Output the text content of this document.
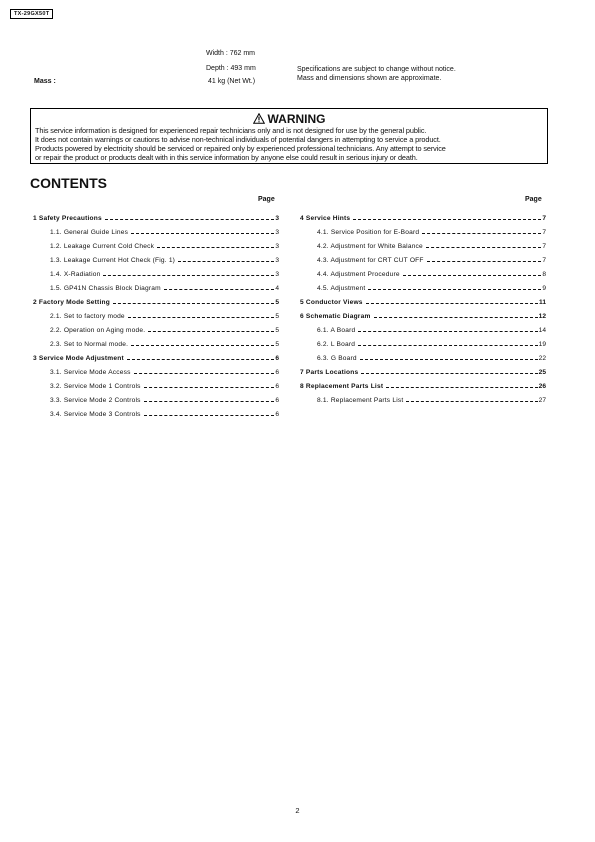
TX-29GX50T
Width : 762 mm
Depth : 493 mm
Mass :	41 kg (Net Wt.)
Specifications are subject to change without notice.
Mass and dimensions shown are approximate.
WARNING
This service information is designed for experienced repair technicians only and is not designed for use by the general public.
It does not contain warnings or cautions to advise non-technical individuals of potential dangers in attempting to service a product.
Products powered by electricity should be serviced or repaired only by experienced professional technicians. Any attempt to service
or repair the product or products dealt with in this service information by anyone else could result in serious injury or death.
CONTENTS
Page	Page
1 Safety Precautions	3
1.1. General Guide Lines	3
1.2. Leakage Current Cold Check	3
1.3. Leakage Current Hot Check (Fig. 1)	3
1.4. X-Radiation	3
1.5. GP41N Chassis Block Diagram	4
2 Factory Mode Setting	5
2.1. Set to factory mode	5
2.2. Operation on Aging mode.	5
2.3. Set to Normal mode.	5
3 Service Mode Adjustment	6
3.1. Service Mode Access	6
3.2. Service Mode 1 Controls	6
3.3. Service Mode 2 Controls	6
3.4. Service Mode 3 Controls	6
4 Service Hints	7
4.1. Service Position for E-Board	7
4.2. Adjustment for White Balance	7
4.3. Adjustment for CRT CUT OFF	7
4.4. Adjustment Procedure	8
4.5. Adjustment	9
5 Conductor Views	11
6 Schematic Diagram	12
6.1. A Board	14
6.2. L Board	19
6.3. G Board	22
7 Parts Locations	25
8 Replacement Parts List	26
8.1. Replacement Parts List	27
2
